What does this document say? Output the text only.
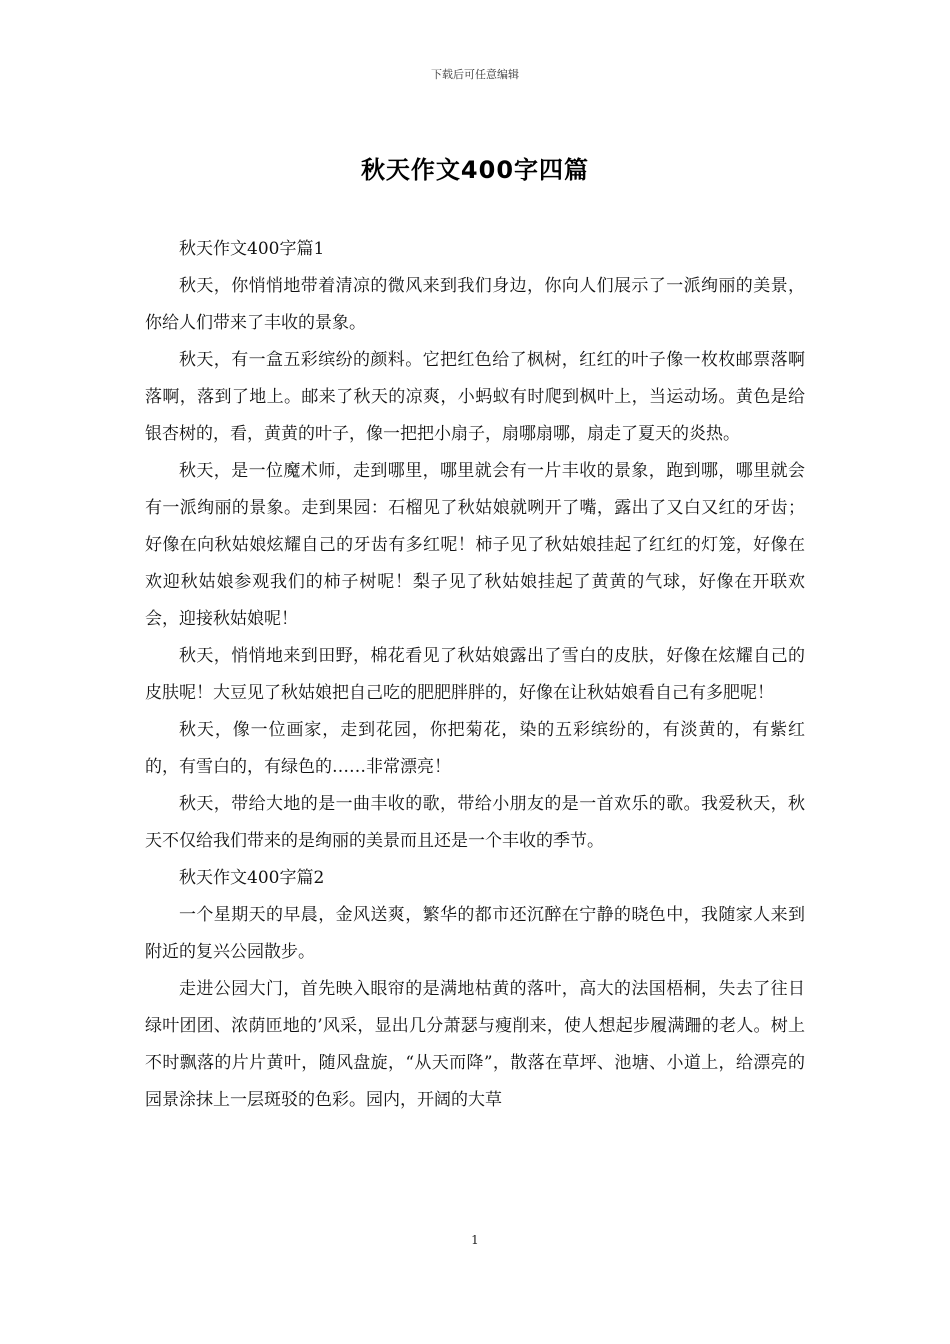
下载后可任意编辑
秋天作文400字四篇

秋天作文400字篇1

秋天，你悄悄地带着清凉的微风来到我们身边，你向人们展示了一派绚丽的美景，你给人们带来了丰收的景象。

秋天，有一盒五彩缤纷的颜料。它把红色给了枫树，红红的叶子像一枚枚邮票落啊落啊，落到了地上。邮来了秋天的凉爽，小蚂蚁有时爬到枫叶上，当运动场。黄色是给银杏树的，看，黄黄的叶子，像一把把小扇子，扇哪扇哪，扇走了夏天的炎热。

秋天，是一位魔术师，走到哪里，哪里就会有一片丰收的景象，跑到哪，哪里就会有一派绚丽的景象。走到果园：石榴见了秋姑娘就咧开了嘴，露出了又白又红的牙齿；好像在向秋姑娘炫耀自己的牙齿有多红呢！柿子见了秋姑娘挂起了红红的灯笼，好像在欢迎秋姑娘参观我们的柿子树呢！梨子见了秋姑娘挂起了黄黄的气球，好像在开联欢会，迎接秋姑娘呢！

秋天，悄悄地来到田野，棉花看见了秋姑娘露出了雪白的皮肤，好像在炫耀自己的皮肤呢！大豆见了秋姑娘把自己吃的肥肥胖胖的，好像在让秋姑娘看自己有多肥呢！

秋天，像一位画家，走到花园，你把菊花，染的五彩缤纷的，有淡黄的，有紫红的，有雪白的，有绿色的……非常漂亮！

秋天，带给大地的是一曲丰收的歌，带给小朋友的是一首欢乐的歌。我爱秋天，秋天不仅给我们带来的是绚丽的美景而且还是一个丰收的季节。

秋天作文400字篇2

一个星期天的早晨，金风送爽，繁华的都市还沉醉在宁静的晓色中，我随家人来到附近的复兴公园散步。

走进公园大门，首先映入眼帘的是满地枯黄的落叶，高大的法国梧桐，失去了往日绿叶团团、浓荫匝地的’风采，显出几分萧瑟与瘦削来，使人想起步履满跚的老人。树上不时飘落的片片黄叶，随风盘旋，“从天而降”，散落在草坪、池塘、小道上，给漂亮的园景涂抹上一层斑驳的色彩。园内，开阔的大草

1
